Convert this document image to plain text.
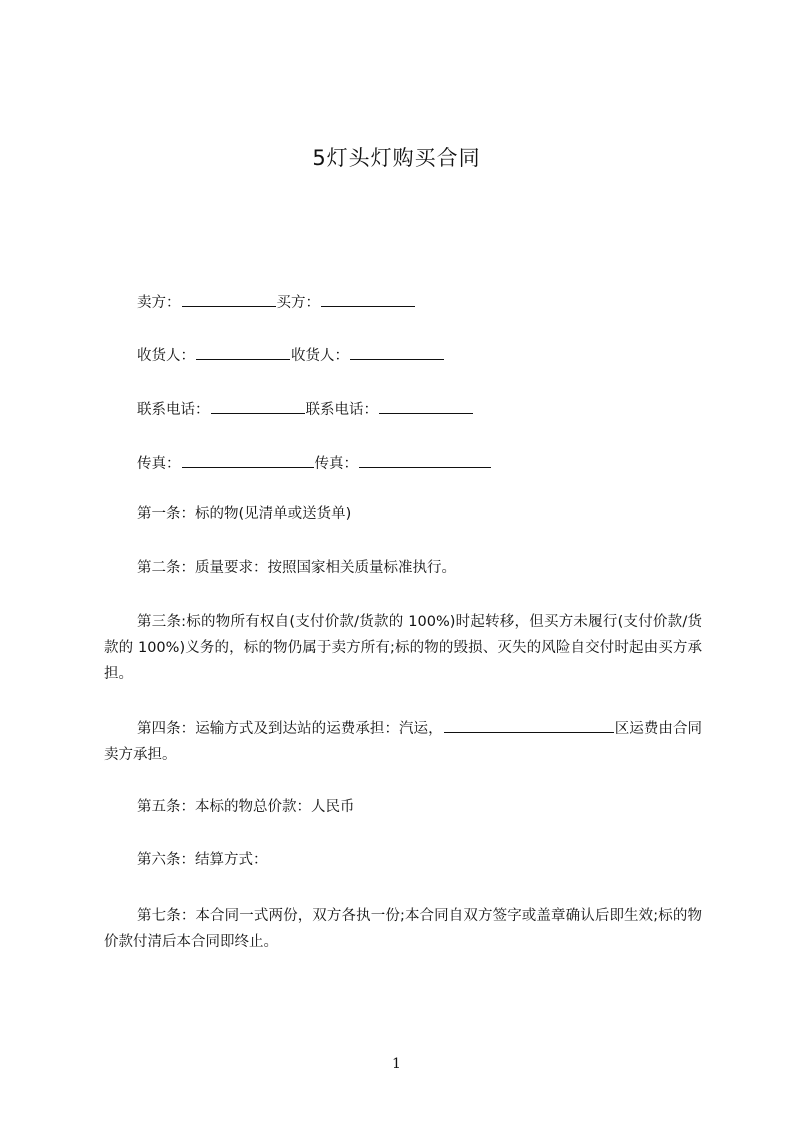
5灯头灯购买合同
卖方：	买方：
收货人：	收货人：
联系电话：	联系电话：
传真：	传真：
第一条：标的物(见清单或送货单)
第二条：质量要求：按照国家相关质量标准执行。
第三条:标的物所有权自(支付价款/货款的 100%)时起转移，但买方未履行(支付价款/货款的 100%)义务的，标的物仍属于卖方所有;标的物的毁损、灭失的风险自交付时起由买方承担。
第四条：运输方式及到达站的运费承担：汽运，	区运费由合同卖方承担。
第五条：本标的物总价款：人民币
第六条：结算方式：
第七条：本合同一式两份，双方各执一份;本合同自双方签字或盖章确认后即生效;标的物价款付清后本合同即终止。
1
